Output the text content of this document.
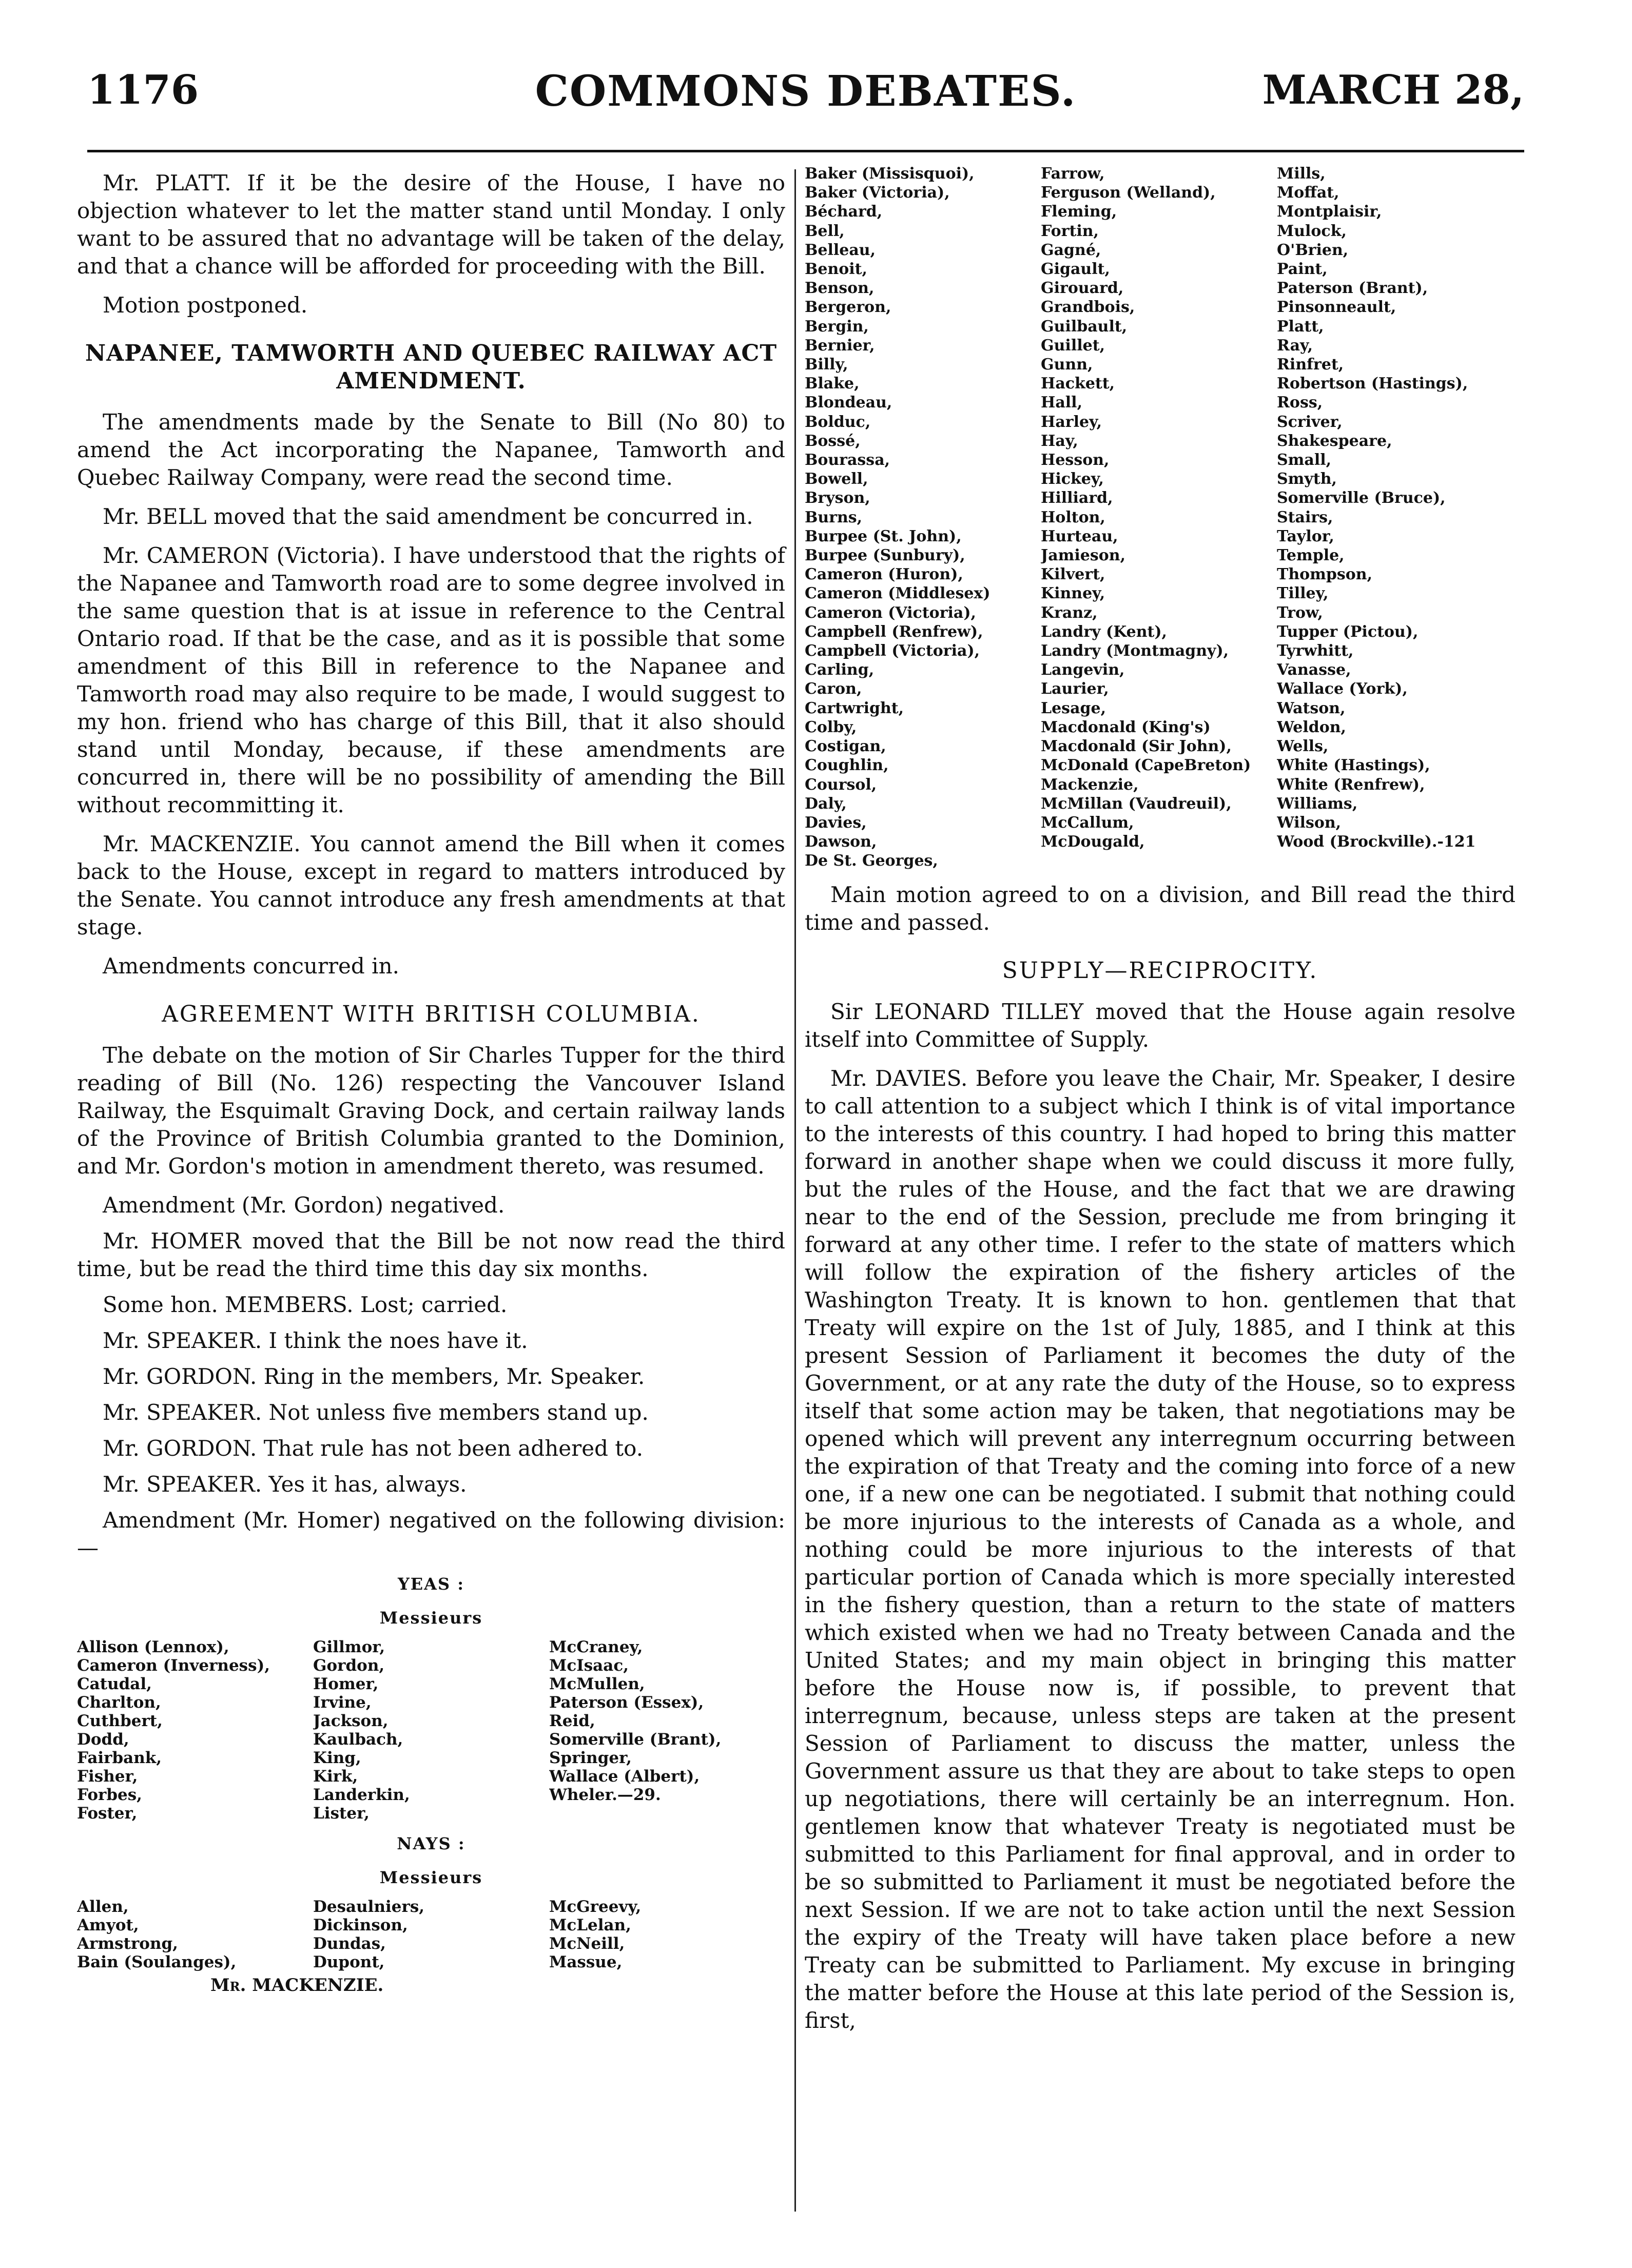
1176	COMMONS DEBATES.	MARCH 28,

Mr. PLATT. If it be the desire of the House, I have no objection whatever to let the matter stand until Monday. I only want to be assured that no advantage will be taken of the delay, and that a chance will be afforded for proceeding with the Bill.

Motion postponed.

NAPANEE, TAMWORTH AND QUEBEC RAILWAY ACT AMENDMENT.

The amendments made by the Senate to Bill (No 80) to amend the Act incorporating the Napanee, Tamworth and Quebec Railway Company, were read the second time.

Mr. BELL moved that the said amendment be concurred in.

Mr. CAMERON (Victoria). I have understood that the rights of the Napanee and Tamworth road are to some degree involved in the same question that is at issue in reference to the Central Ontario road. If that be the case, and as it is possible that some amendment of this Bill in reference to the Napanee and Tamworth road may also require to be made, I would suggest to my hon. friend who has charge of this Bill, that it also should stand until Monday, because, if these amendments are concurred in, there will be no possibility of amending the Bill without recommitting it.

Mr. MACKENZIE. You cannot amend the Bill when it comes back to the House, except in regard to matters introduced by the Senate. You cannot introduce any fresh amendments at that stage.

Amendments concurred in.

AGREEMENT WITH BRITISH COLUMBIA.

The debate on the motion of Sir Charles Tupper for the third reading of Bill (No. 126) respecting the Vancouver Island Railway, the Esquimalt Graving Dock, and certain railway lands of the Province of British Columbia granted to the Dominion, and Mr. Gordon's motion in amendment thereto, was resumed.

Amendment (Mr. Gordon) negatived.

Mr. HOMER moved that the Bill be not now read the third time, but be read the third time this day six months.

Some hon. MEMBERS. Lost; carried.

Mr. SPEAKER. I think the noes have it.

Mr. GORDON. Ring in the members, Mr. Speaker.

Mr. SPEAKER. Not unless five members stand up.

Mr. GORDON. That rule has not been adhered to.

Mr. SPEAKER. Yes it has, always.

Amendment (Mr. Homer) negatived on the following division:—

YEAS :
Messieurs
Allison (Lennox),	Gillmor,	McCraney,
Cameron (Inverness),	Gordon,	McIsaac,
Catudal,	Homer,	McMullen,
Charlton,	Irvine,	Paterson (Essex),
Cuthbert,	Jackson,	Reid,
Dodd,	Kaulbach,	Somerville (Brant),
Fairbank,	King,	Springer,
Fisher,	Kirk,	Wallace (Albert),
Forbes,	Landerkin,	Wheler.—29.
Foster,	Lister,
NAYS :
Messieurs
Allen,	Desaulniers,	McGreevy,
Amyot,	Dickinson,	McLelan,
Armstrong,	Dundas,	McNeill,
Bain (Soulanges),	Dupont,	Massue,
Mr. MACKENZIE.
Baker (Missisquoi),	Farrow,	Mills,
Baker (Victoria),	Ferguson (Welland),	Moffat,
Béchard,	Fleming,	Montplaisir,
Bell,	Fortin,	Mulock,
Belleau,	Gagné,	O'Brien,
Benoit,	Gigault,	Paint,
Benson,	Girouard,	Paterson (Brant),
Bergeron,	Grandbois,	Pinsonneault,
Bergin,	Guilbault,	Platt,
Bernier,	Guillet,	Ray,
Billy,	Gunn,	Rinfret,
Blake,	Hackett,	Robertson (Hastings),
Blondeau,	Hall,	Ross,
Bolduc,	Harley,	Scriver,
Bossé,	Hay,	Shakespeare,
Bourassa,	Hesson,	Small,
Bowell,	Hickey,	Smyth,
Bryson,	Hilliard,	Somerville (Bruce),
Burns,	Holton,	Stairs,
Burpee (St. John),	Hurteau,	Taylor,
Burpee (Sunbury),	Jamieson,	Temple,
Cameron (Huron),	Kilvert,	Thompson,
Cameron (Middlesex)	Kinney,	Tilley,
Cameron (Victoria),	Kranz,	Trow,
Campbell (Renfrew),	Landry (Kent),	Tupper (Pictou),
Campbell (Victoria),	Landry (Montmagny),	Tyrwhitt,
Carling,	Langevin,	Vanasse,
Caron,	Laurier,	Wallace (York),
Cartwright,	Lesage,	Watson,
Colby,	Macdonald (King's)	Weldon,
Costigan,	Macdonald (Sir John),	Wells,
Coughlin,	McDonald (CapeBreton)	White (Hastings),
Coursol,	Mackenzie,	White (Renfrew),
Daly,	McMillan (Vaudreuil),	Williams,
Davies,	McCallum,	Wilson,
Dawson,	McDougald,	Wood (Brockville).-121
De St. Georges,

Main motion agreed to on a division, and Bill read the third time and passed.

SUPPLY—RECIPROCITY.

Sir LEONARD TILLEY moved that the House again resolve itself into Committee of Supply.

Mr. DAVIES. Before you leave the Chair, Mr. Speaker, I desire to call attention to a subject which I think is of vital importance to the interests of this country. I had hoped to bring this matter forward in another shape when we could discuss it more fully, but the rules of the House, and the fact that we are drawing near to the end of the Session, preclude me from bringing it forward at any other time. I refer to the state of matters which will follow the expiration of the fishery articles of the Washington Treaty. It is known to hon. gentlemen that that Treaty will expire on the 1st of July, 1885, and I think at this present Session of Parliament it becomes the duty of the Government, or at any rate the duty of the House, so to express itself that some action may be taken, that negotiations may be opened which will prevent any interregnum occurring between the expiration of that Treaty and the coming into force of a new one, if a new one can be negotiated. I submit that nothing could be more injurious to the interests of Canada as a whole, and nothing could be more injurious to the interests of that particular portion of Canada which is more specially interested in the fishery question, than a return to the state of matters which existed when we had no Treaty between Canada and the United States; and my main object in bringing this matter before the House now is, if possible, to prevent that interregnum, because, unless steps are taken at the present Session of Parliament to discuss the matter, unless the Government assure us that they are about to take steps to open up negotiations, there will certainly be an interregnum. Hon. gentlemen know that whatever Treaty is negotiated must be submitted to this Parliament for final approval, and in order to be so submitted to Parliament it must be negotiated before the next Session. If we are not to take action until the next Session the expiry of the Treaty will have taken place before a new Treaty can be submitted to Parliament. My excuse in bringing the matter before the House at this late period of the Session is, first,
